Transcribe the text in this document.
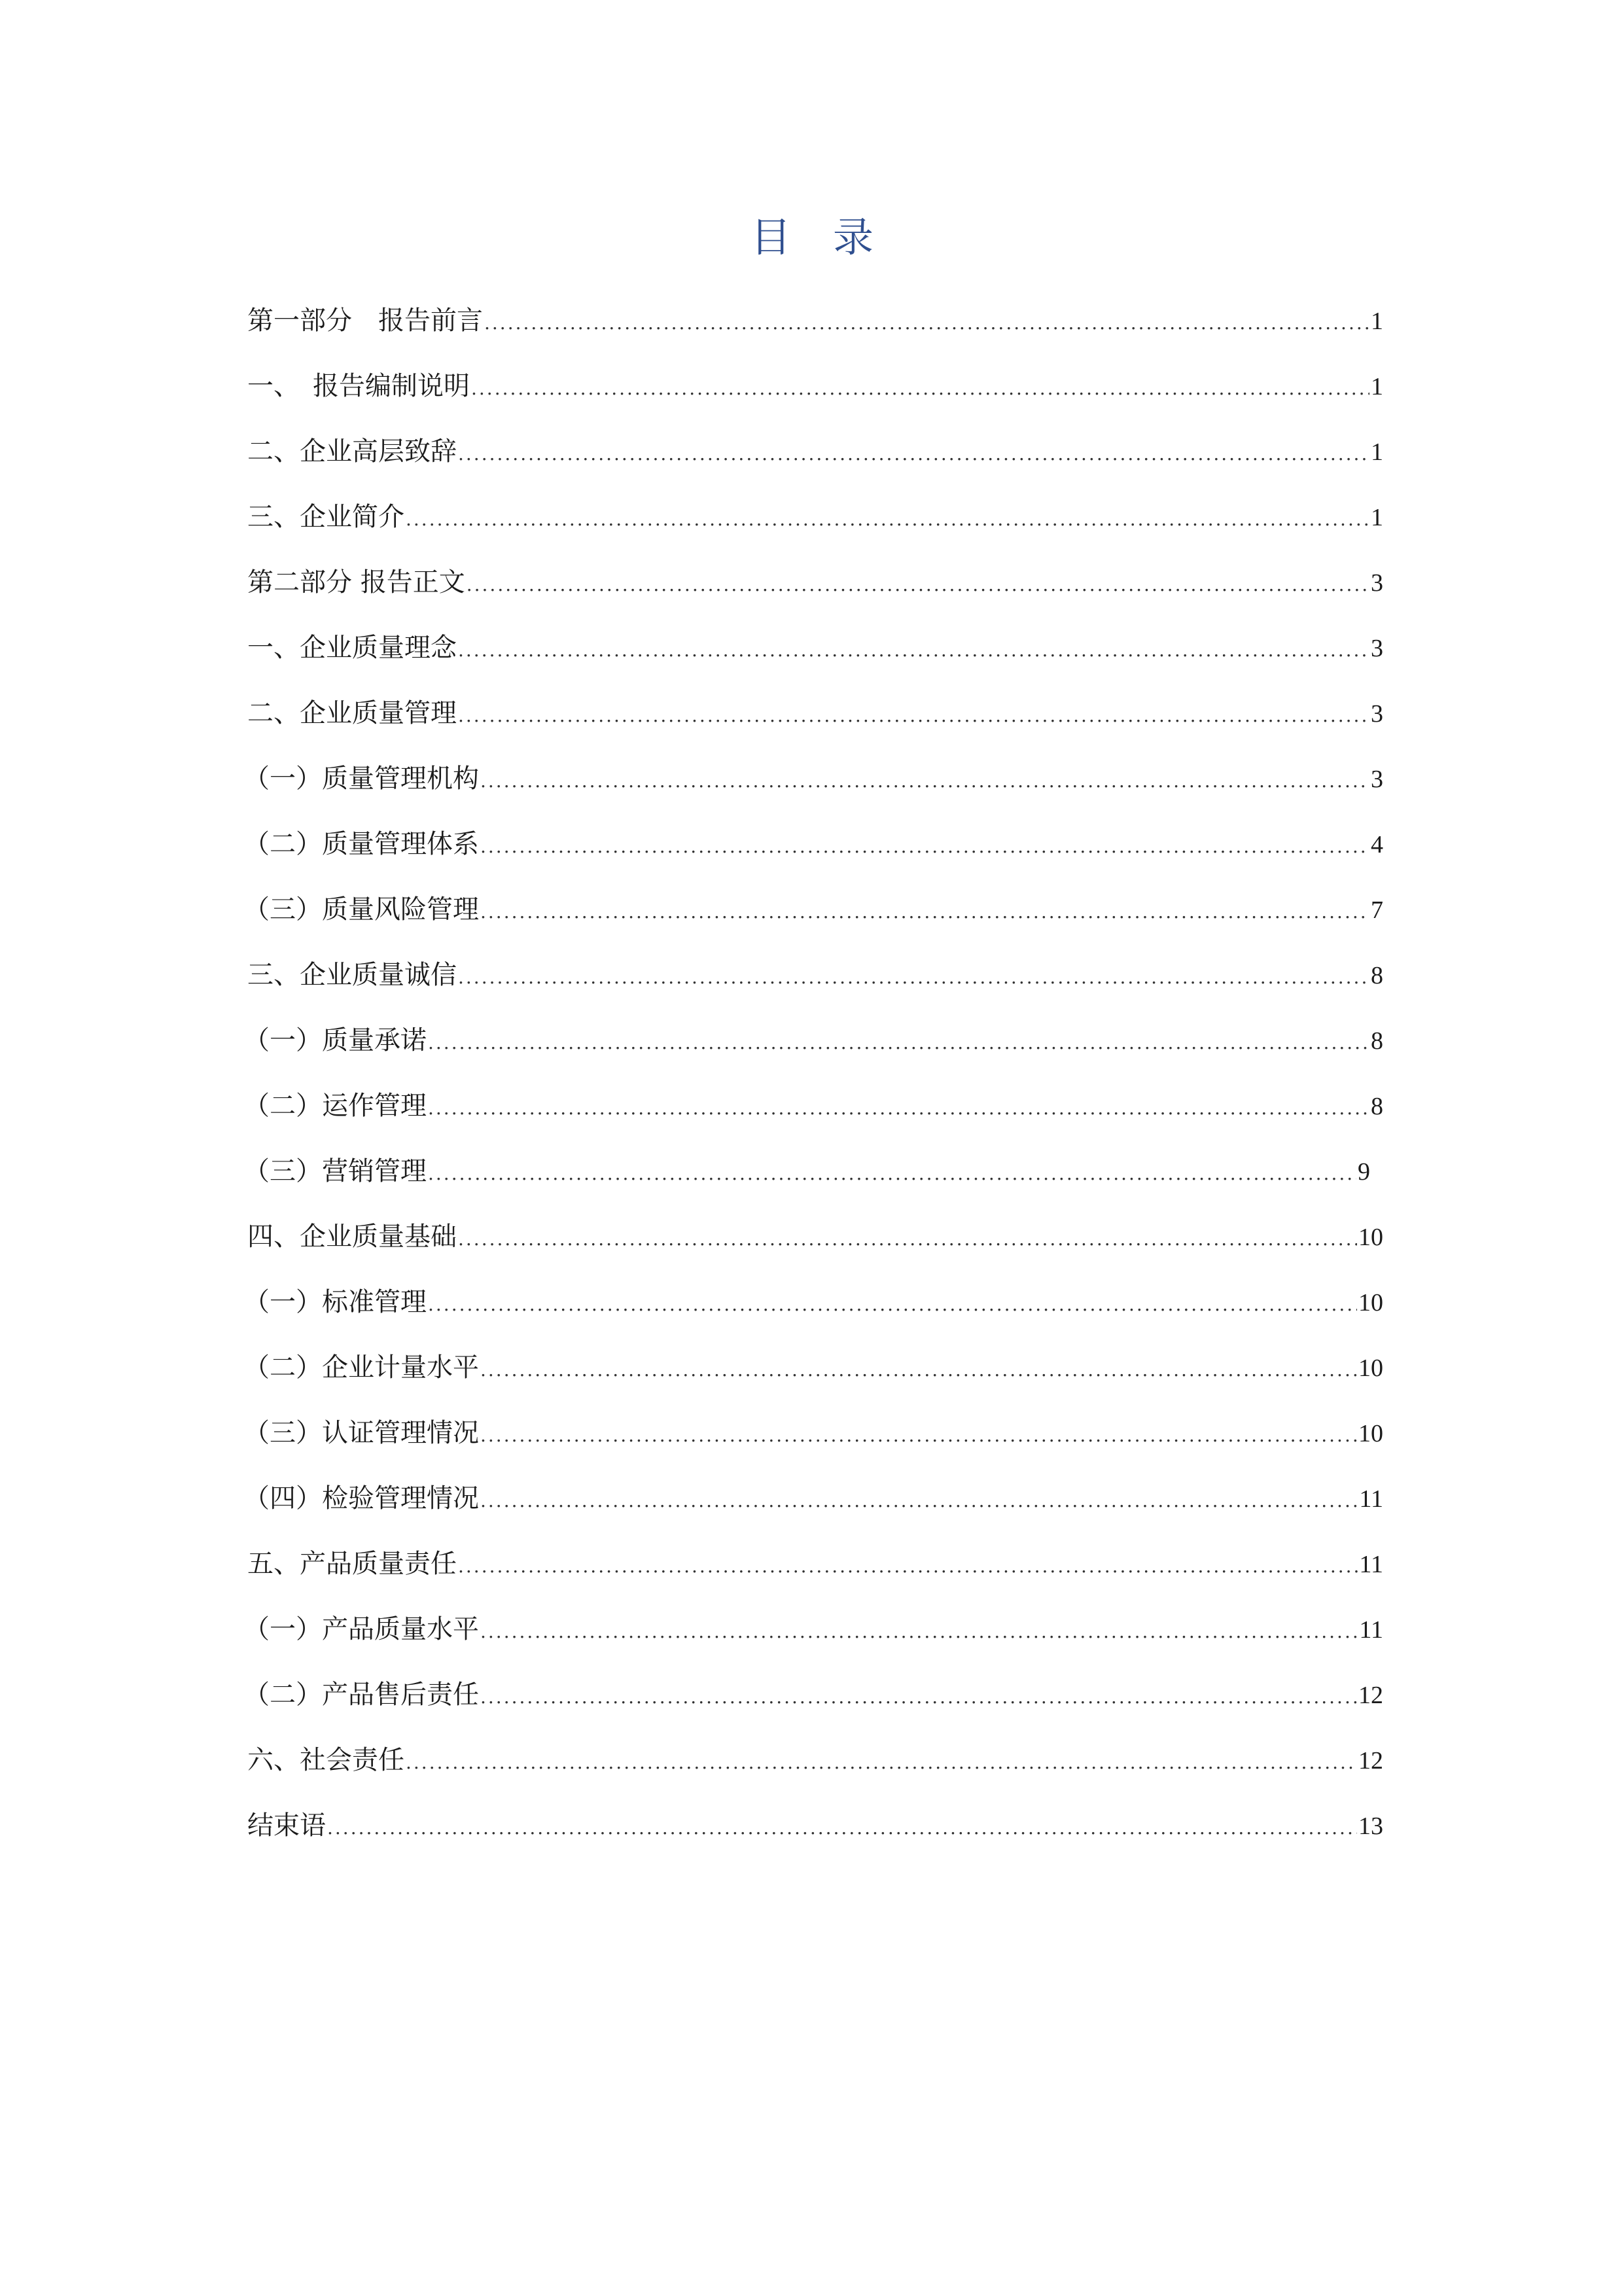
目 录
第一部分　报告前言 .....	1
一、　报告编制说明 .....	1
二、企业高层致辞 .....	1
三、企业简介 .....	1
第二部分 报告正文 .....	3
一、企业质量理念 .....	3
二、企业质量管理 .....	3
（一）质量管理机构 .....	3
（二）质量管理体系 .....	4
（三）质量风险管理 .....	7
三、企业质量诚信 .....	8
（一）质量承诺 .....	8
（二）运作管理 .....	8
（三）营销管理 .....	9
四、企业质量基础 .....	10
（一）标准管理 .....	10
（二）企业计量水平 .....	10
（三）认证管理情况 .....	10
（四）检验管理情况 .....	11
五、产品质量责任 .....	11
（一）产品质量水平 .....	11
（二）产品售后责任 .....	12
六、社会责任 .....	12
结束语 .....	13
